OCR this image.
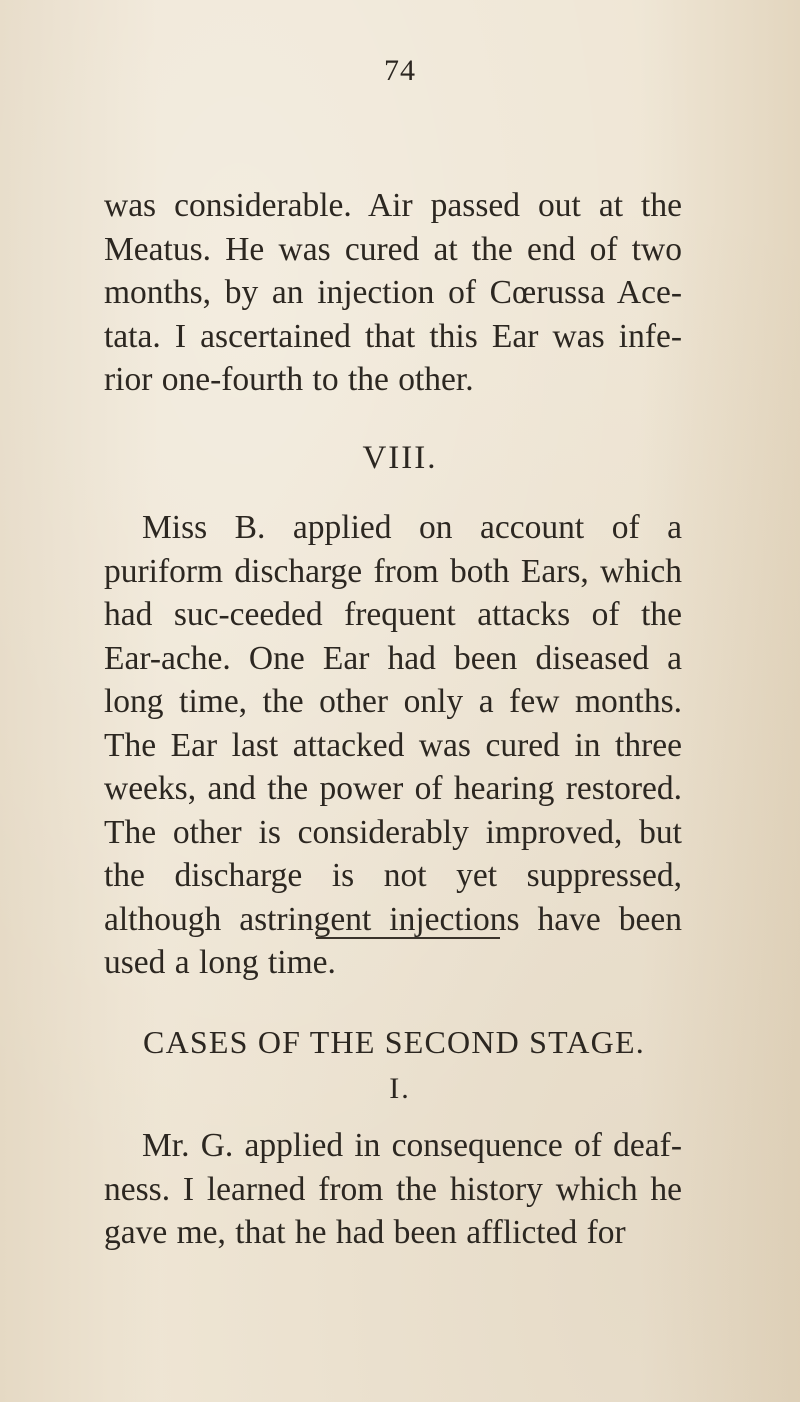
74
was considerable. Air passed out at the Meatus. He was cured at the end of two months, by an injection of Cœrussa Ace-tata. I ascertained that this Ear was infe-rior one-fourth to the other.
VIII.
Miss B. applied on account of a puriform discharge from both Ears, which had suc-ceeded frequent attacks of the Ear-ache. One Ear had been diseased a long time, the other only a few months. The Ear last attacked was cured in three weeks, and the power of hearing restored. The other is considerably improved, but the discharge is not yet suppressed, although astringent injections have been used a long time.
CASES OF THE SECOND STAGE.
I.
Mr. G. applied in consequence of deaf-ness. I learned from the history which he gave me, that he had been afflicted for
